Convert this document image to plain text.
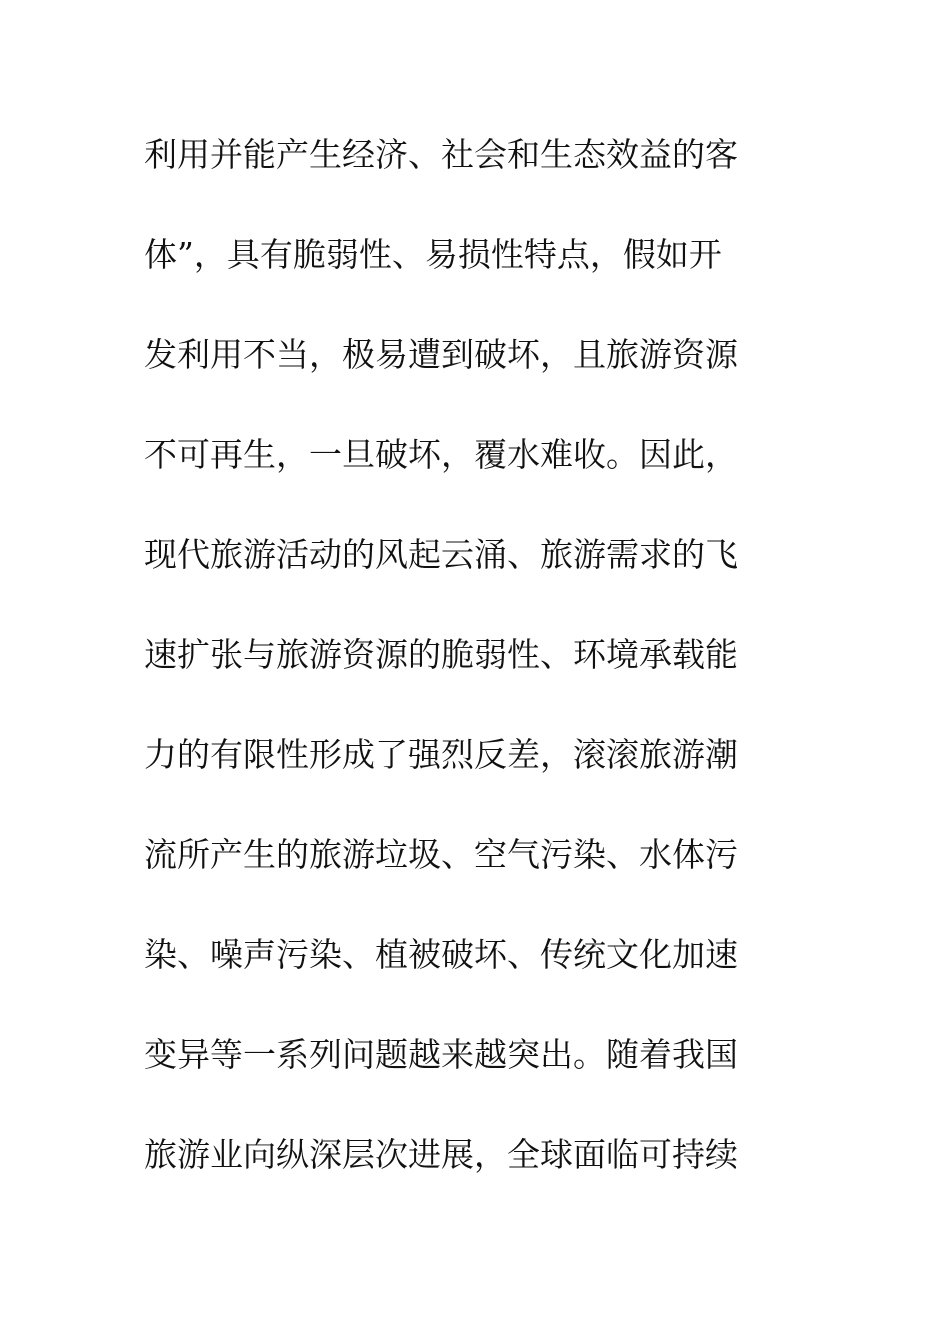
利用并能产生经济、社会和生态效益的客
体”，具有脆弱性、易损性特点，假如开
发利用不当，极易遭到破坏，且旅游资源
不可再生，一旦破坏，覆水难收。因此，
现代旅游活动的风起云涌、旅游需求的飞
速扩张与旅游资源的脆弱性、环境承载能
力的有限性形成了强烈反差，滚滚旅游潮
流所产生的旅游垃圾、空气污染、水体污
染、噪声污染、植被破坏、传统文化加速
变异等一系列问题越来越突出。随着我国
旅游业向纵深层次进展，全球面临可持续
